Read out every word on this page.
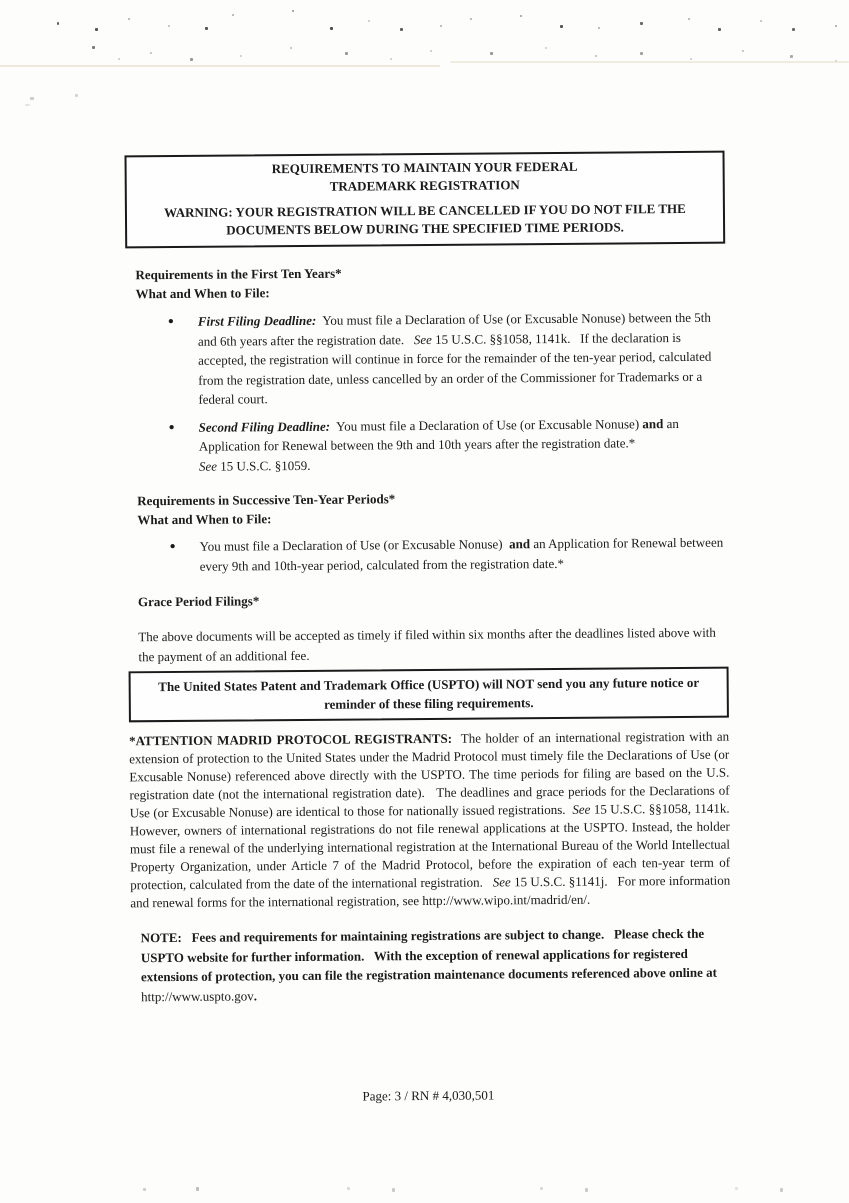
REQUIREMENTS TO MAINTAIN YOUR FEDERAL
TRADEMARK REGISTRATION
WARNING: YOUR REGISTRATION WILL BE CANCELLED IF YOU DO NOT FILE THE
DOCUMENTS BELOW DURING THE SPECIFIED TIME PERIODS.
Requirements in the First Ten Years*
What and When to File:
●	First Filing Deadline:  You must file a Declaration of Use (or Excusable Nonuse) between the 5th and 6th years after the registration date.   See 15 U.S.C. §§1058, 1141k.   If the declaration is accepted, the registration will continue in force for the remainder of the ten-year period, calculated from the registration date, unless cancelled by an order of the Commissioner for Trademarks or a federal court.
●	Second Filing Deadline:  You must file a Declaration of Use (or Excusable Nonuse) and an Application for Renewal between the 9th and 10th years after the registration date.*
See 15 U.S.C. §1059.
Requirements in Successive Ten-Year Periods*
What and When to File:
●	You must file a Declaration of Use (or Excusable Nonuse)  and an Application for Renewal between every 9th and 10th-year period, calculated from the registration date.*
Grace Period Filings*
The above documents will be accepted as timely if filed within six months after the deadlines listed above with the payment of an additional fee.
The United States Patent and Trademark Office (USPTO) will NOT send you any future notice or reminder of these filing requirements.
*ATTENTION MADRID PROTOCOL REGISTRANTS:  The holder of an international registration with an extension of protection to the United States under the Madrid Protocol must timely file the Declarations of Use (or Excusable Nonuse) referenced above directly with the USPTO. The time periods for filing are based on the U.S. registration date (not the international registration date).   The deadlines and grace periods for the Declarations of Use (or Excusable Nonuse) are identical to those for nationally issued registrations.  See 15 U.S.C. §§1058, 1141k.   However, owners of international registrations do not file renewal applications at the USPTO. Instead, the holder must file a renewal of the underlying international registration at the International Bureau of the World Intellectual Property Organization, under Article 7 of the Madrid Protocol, before the expiration of each ten-year term of protection, calculated from the date of the international registration.   See 15 U.S.C. §1141j.   For more information and renewal forms for the international registration, see http://www.wipo.int/madrid/en/.
NOTE:   Fees and requirements for maintaining registrations are subject to change.   Please check the USPTO website for further information.   With the exception of renewal applications for registered extensions of protection, you can file the registration maintenance documents referenced above online at http://www.uspto.gov.
Page: 3 / RN # 4,030,501
